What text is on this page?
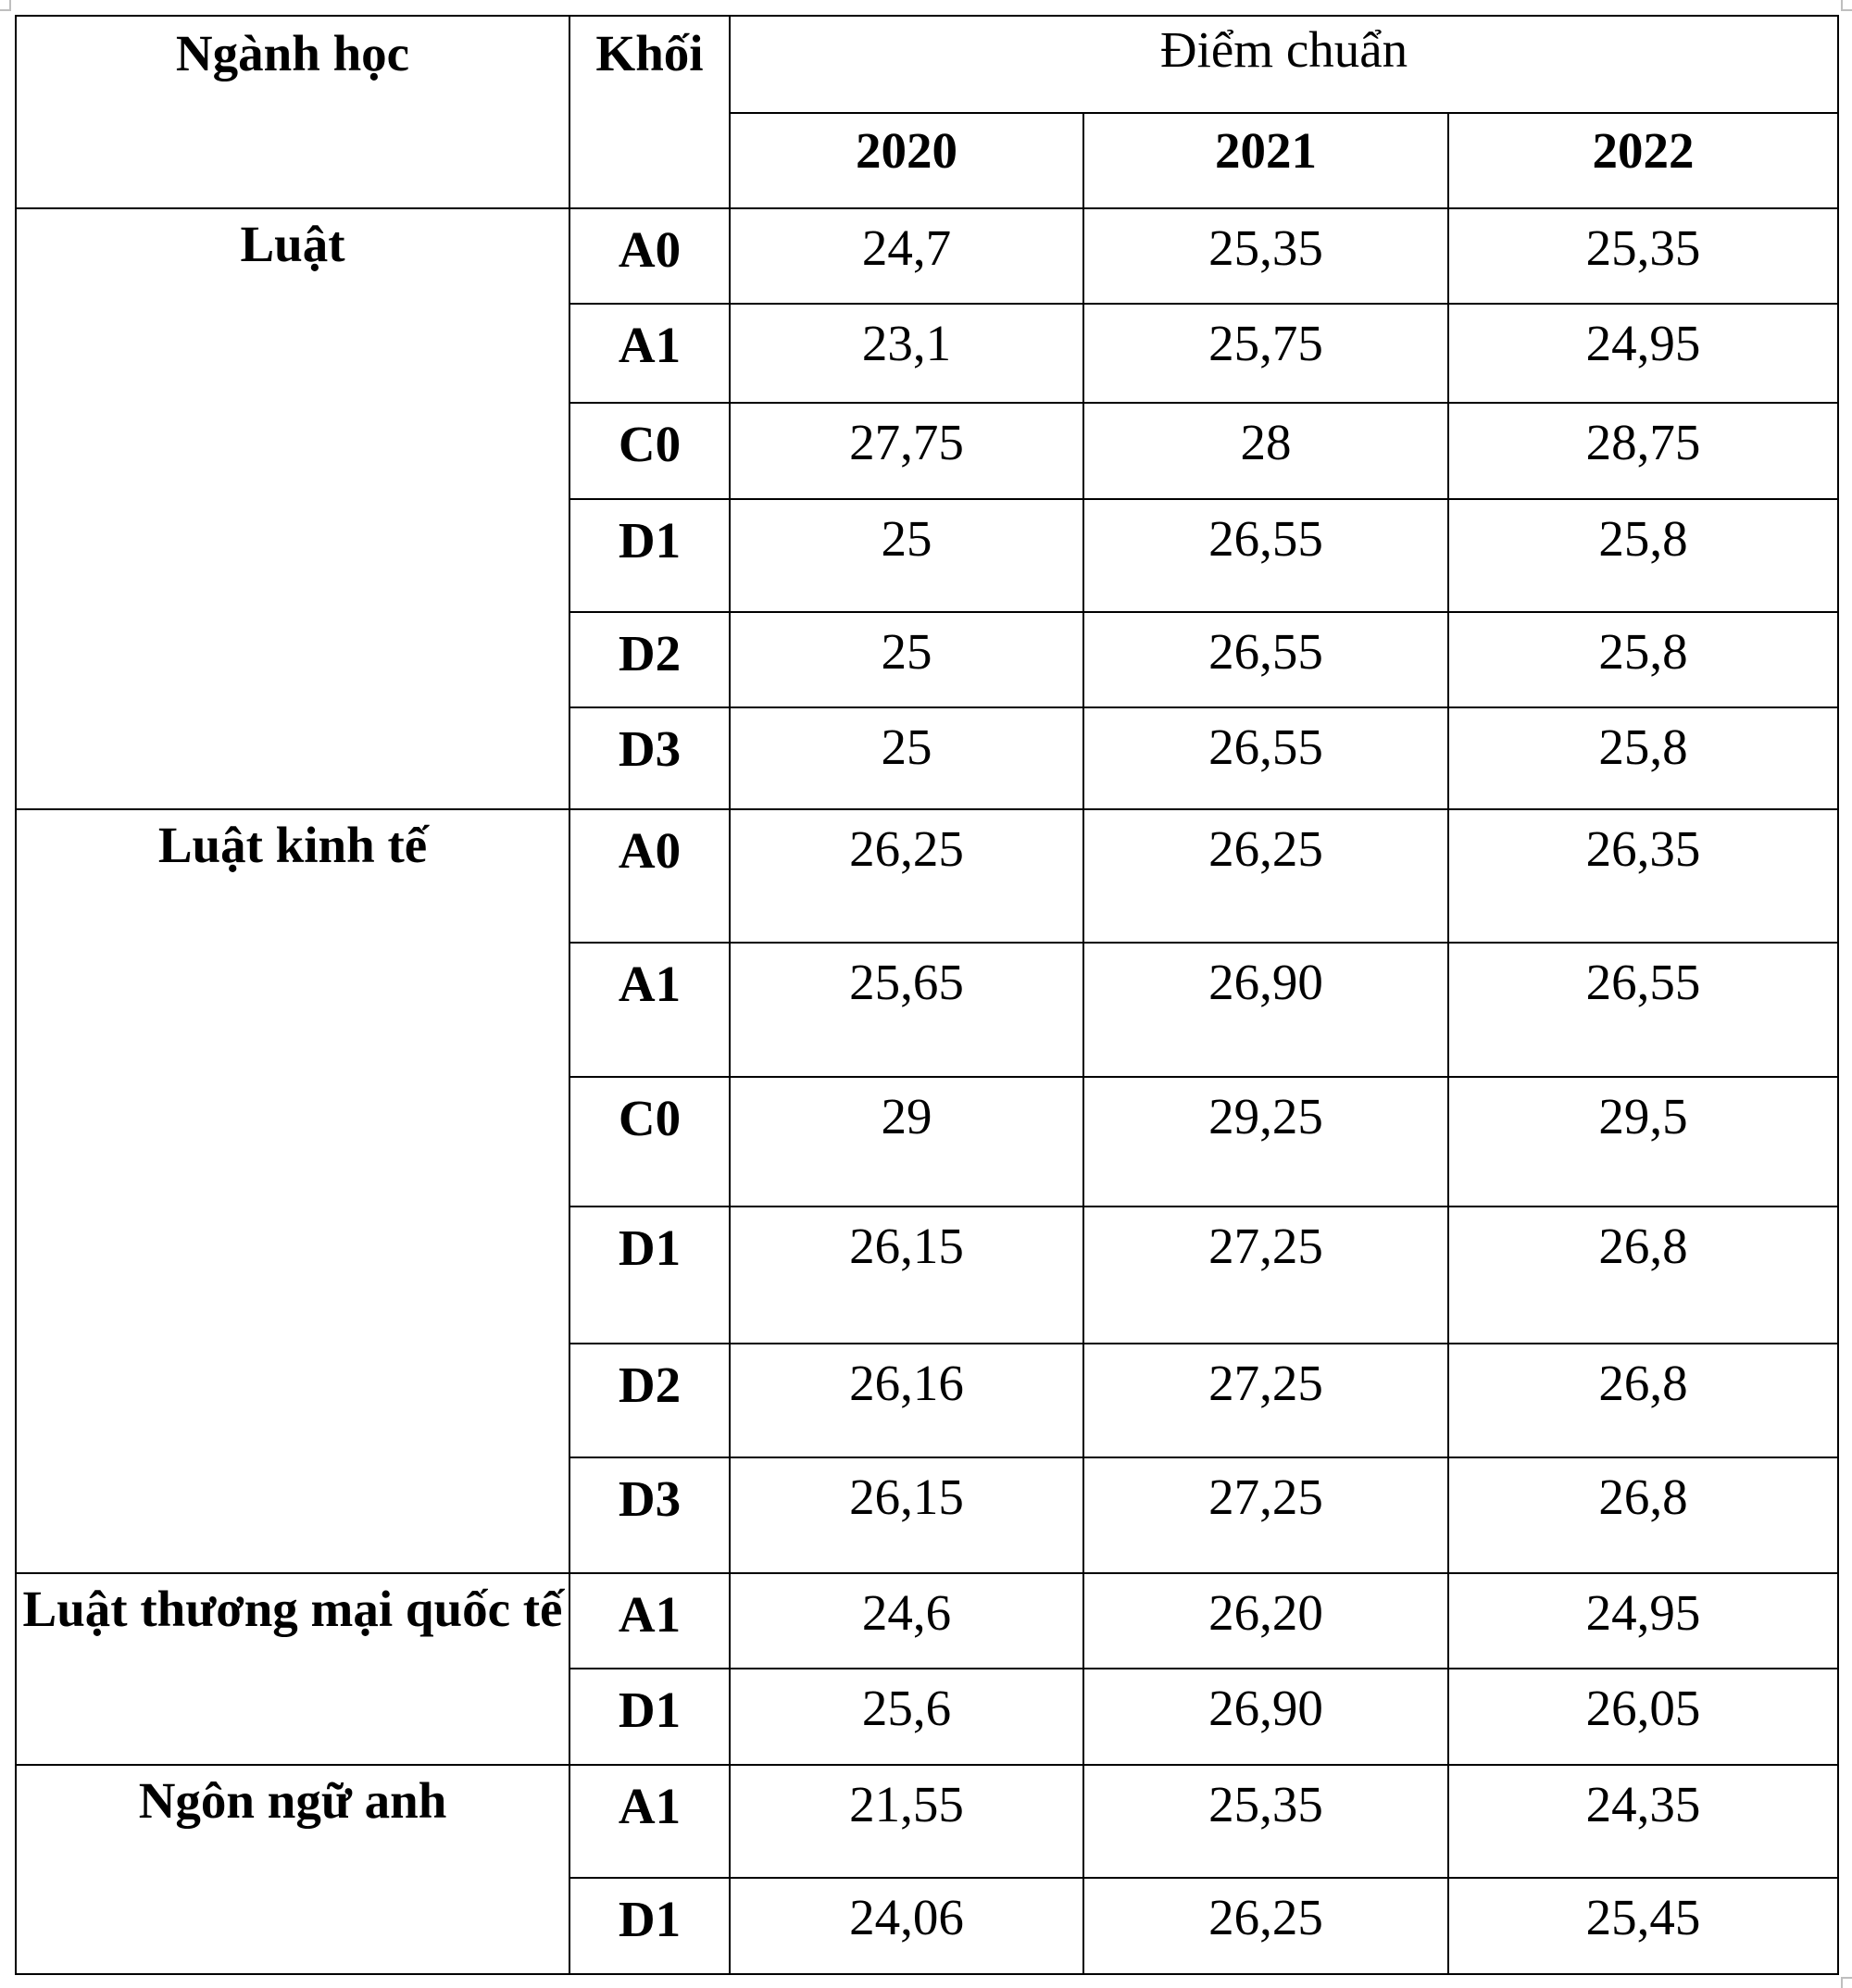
Ngành học	Khối	Điểm chuẩn		

		2020	2021	2022

Luật	A0	24,7	25,35	25,35

	A1	23,1	25,75	24,95

	C0	27,75	28	28,75

	D1	25	26,55	25,8

	D2	25	26,55	25,8

	D3	25	26,55	25,8

Luật kinh tế	A0	26,25	26,25	26,35

	A1	25,65	26,90	26,55

	C0	29	29,25	29,5

	D1	26,15	27,25	26,8

	D2	26,16	27,25	26,8

	D3	26,15	27,25	26,8

Luật thương mại quốc tế	A1	24,6	26,20	24,95

	D1	25,6	26,90	26,05

Ngôn ngữ anh	A1	21,55	25,35	24,35

	D1	24,06	26,25	25,45
